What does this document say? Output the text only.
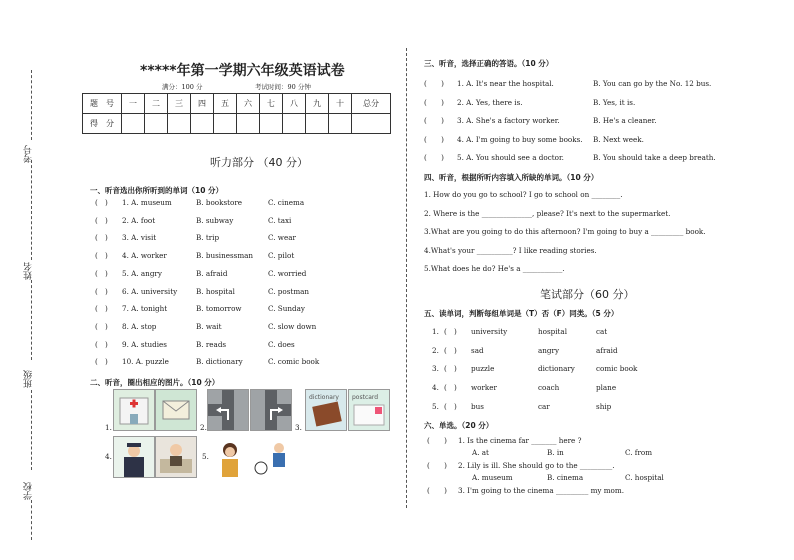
考号
姓名
班级
学校
*****年第一学期六年级英语试卷
满分：100 分	考试时间：90 分钟
题　号	一	二	三	四	五	六	七	八	九	十	总分
得　分											
听力部分 （40 分）
一、听音选出你所听到的单词（10 分）
(　) 1. A. museum	B. bookstore	C. cinema
(　) 2. A. foot	B. subway	C. taxi
(　) 3. A. visit	B. trip	C. wear
(　) 4. A. worker	B. businessman C. pilot
(　) 5. A. angry	B. afraid	C. worried
(　) 6. A. university	B. hospital	C. postman
(　) 7. A. tonight	B. tomorrow	C. Sunday
(　) 8. A. stop	B. wait	C. slow down
(　) 9. A. studies	B. reads	C. does
(　) 10. A. puzzle	B. dictionary	C. comic book
二、听音，圈出相应的图片。（10 分）
1.	2.	3.
dictionary postcard
4.	5.
三、听音，选择正确的答语。（10 分）
(　　) 1. A. It's near the hospital.	B. You can go by the No. 12 bus.
(　　) 2. A. Yes, there is.	B. Yes, it is.
(　　) 3. A. She's a factory worker.	B. He's a cleaner.
(　　) 4. A. I'm going to buy some books. B. Next week.
(　　) 5. A. You should see a doctor.	B. You should take a deep breath.
四、听音，根据所听内容填入所缺的单词。（10 分）
1. How do you go to school? I go to school on ________.
2. Where is the ______________, please? It's next to the supermarket.
3.What are you going to do this afternoon? I'm going to buy a _________ book.
4.What's your __________? I like reading stories.
5.What does he do? He's a ___________.
笔试部分（60 分）
五、读单词，判断每组单词是（T）否（F）同类。（5 分）
1. (　) university	hospital	cat
2. (　) sad	angry	afraid
3. (　) puzzle	dictionary	comic book
4. (　) worker	coach	plane
5. (　) bus	car	ship
六、单选。（20 分）
(　　) 1. Is the cinema far _______ here ?
A. at	B. in	C. from
(　　) 2. Lily is ill. She should go to the _________.
A. museum	B. cinema	C. hospital
(　　) 3. I'm going to the cinema _________ my mom.
